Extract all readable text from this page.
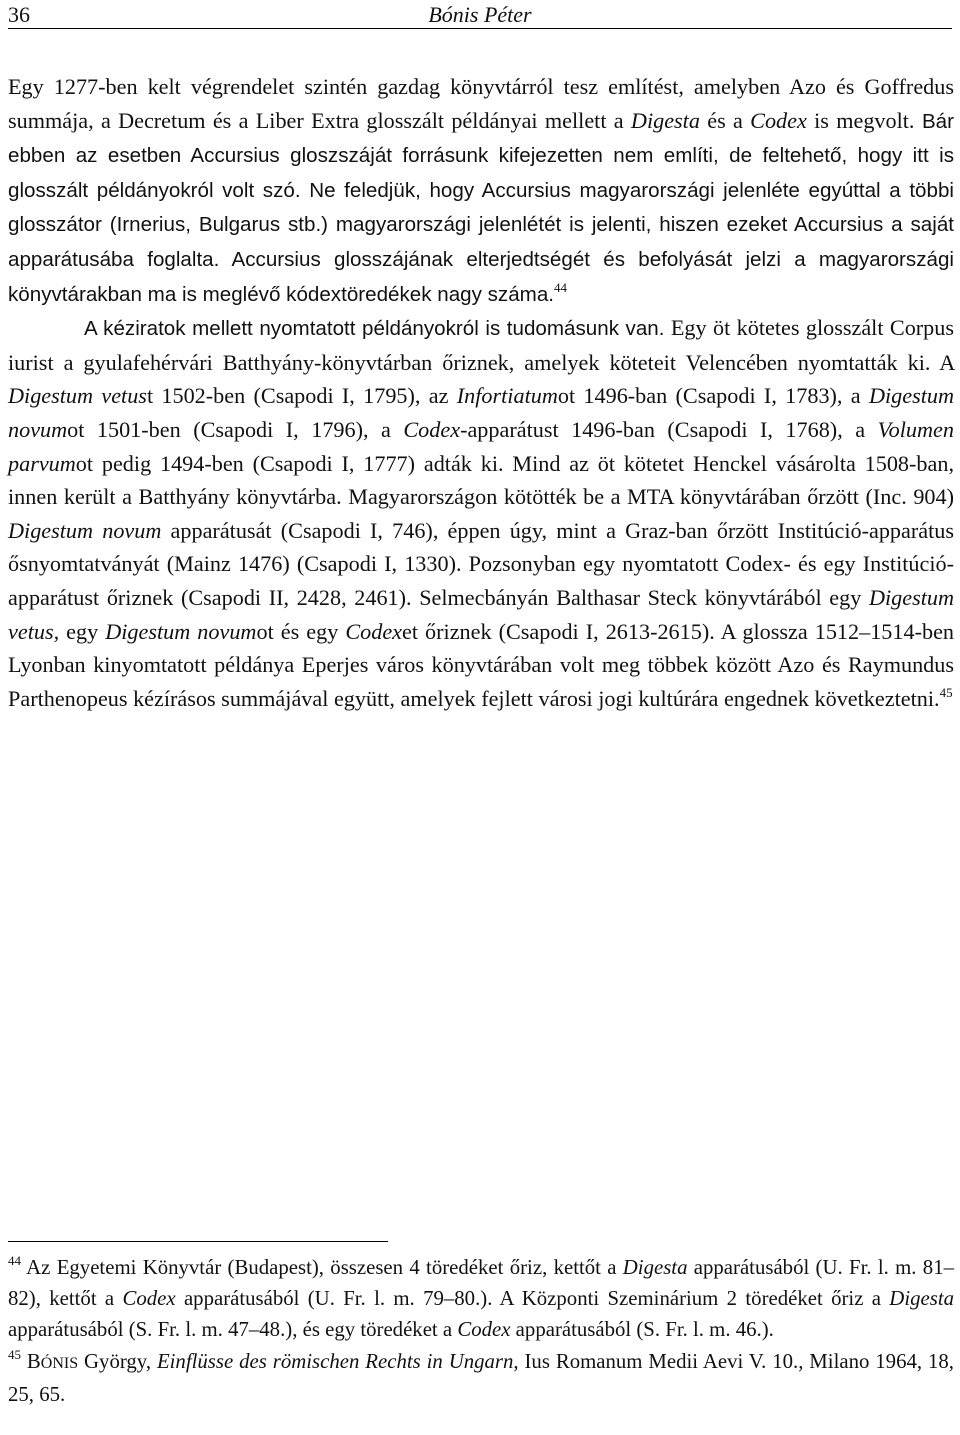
36	Bónis Péter

Egy 1277-ben kelt végrendelet szintén gazdag könyvtárról tesz említést, amelyben Azo és Goffredus summája, a Decretum és a Liber Extra glosszált példányai mellett a Digesta és a Codex is megvolt. Bár ebben az esetben Accursius gloszszáját forrásunk kifejezetten nem említi, de feltehető, hogy itt is glosszált példányokról volt szó. Ne feledjük, hogy Accursius magyarországi jelenléte egyúttal a többi glosszátor (Irnerius, Bulgarus stb.) magyarországi jelenlétét is jelenti, hiszen ezeket Accursius a saját apparátusába foglalta. Accursius glosszájának elterjedtségét és befolyását jelzi a magyarországi könyvtárakban ma is meglévő kódextöredékek nagy száma.$^{44}$

A kéziratok mellett nyomtatott példányokról is tudomásunk van. Egy öt kötetes glosszált Corpus iurist a gyulafehérvári Batthyány-könyvtárban őriznek, amelyek köteteit Velencében nyomtatták ki. A Digestum vetust 1502-ben (Csapodi I, 1795), az Infortiatumot 1496-ban (Csapodi I, 1783), a Digestum novumot 1501-ben (Csapodi I, 1796), a Codex-apparátust 1496-ban (Csapodi I, 1768), a Volumen parvumot pedig 1494-ben (Csapodi I, 1777) adták ki. Mind az öt kötetet Henckel vásárolta 1508-ban, innen került a Batthyány könyvtárba. Magyarországon kötötték be a MTA könyvtárában őrzött (Inc. 904) Digestum novum apparátusát (Csapodi I, 746), éppen úgy, mint a Graz-ban őrzött Institúció-apparátus ősnyomtatványát (Mainz 1476) (Csapodi I, 1330). Pozsonyban egy nyomtatott Codex- és egy Institúció-apparátust őriznek (Csapodi II, 2428, 2461). Selmecbányán Balthasar Steck könyvtárából egy Digestum vetus, egy Digestum novumot és egy Codexet őriznek (Csapodi I, 2613-2615). A glossza 1512–1514-ben Lyonban kinyomtatott példánya Eperjes város könyvtárában volt meg többek között Azo és Raymundus Parthenopeus kézírásos summájával együtt, amelyek fejlett városi jogi kultúrára engednek következtetni.$^{45}$

$^{44}$ Az Egyetemi Könyvtár (Budapest), összesen 4 töredéket őriz, kettőt a Digesta apparátusából (U. Fr. l. m. 81–82), kettőt a Codex apparátusából (U. Fr. l. m. 79–80.). A Központi Szeminárium 2 töredéket őriz a Digesta apparátusából (S. Fr. l. m. 47–48.), és egy töredéket a Codex apparátusából (S. Fr. l. m. 46.).

$^{45}$ BÓNIS György, Einflüsse des römischen Rechts in Ungarn, Ius Romanum Medii Aevi V. 10., Milano 1964, 18, 25, 65.
